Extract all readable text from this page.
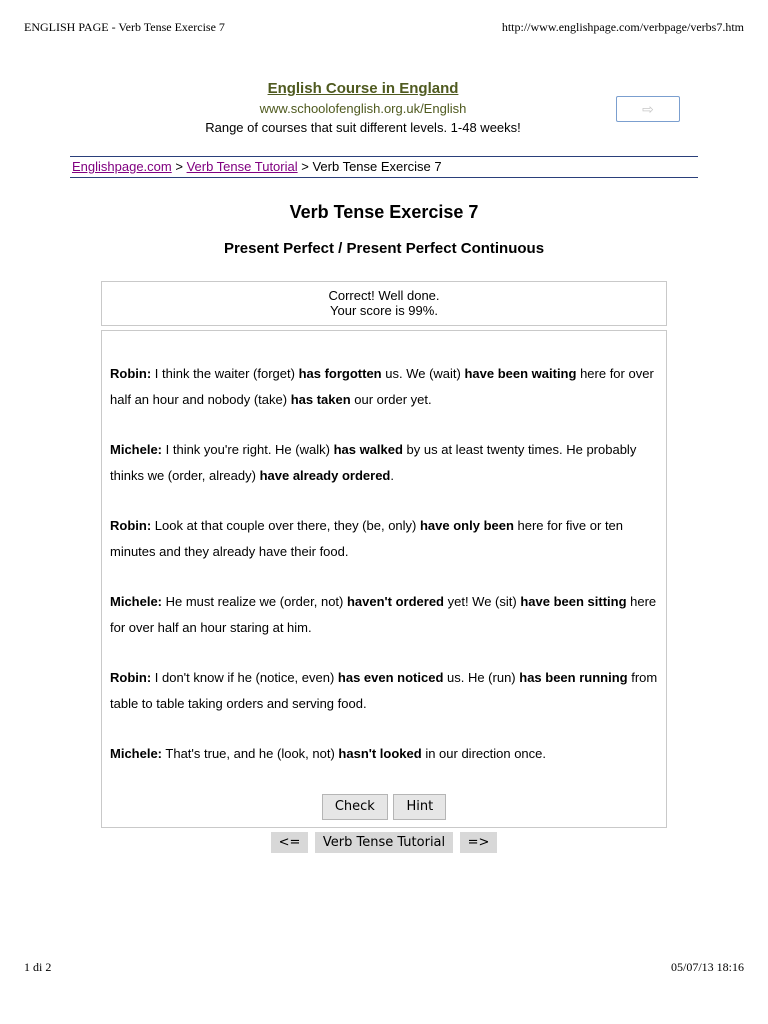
ENGLISH PAGE - Verb Tense Exercise 7	http://www.englishpage.com/verbpage/verbs7.htm
English Course in England
www.schoolofenglish.org.uk/English
Range of courses that suit different levels. 1-48 weeks!
⇨
Englishpage.com > Verb Tense Tutorial > Verb Tense Exercise 7
Verb Tense Exercise 7
Present Perfect / Present Perfect Continuous
Correct! Well done.
Your score is 99%.

Robin: I think the waiter (forget) has forgotten us. We (wait) have been waiting here for over half an hour and nobody (take) has taken our order yet.

Michele: I think you're right. He (walk) has walked by us at least twenty times. He probably thinks we (order, already) have already ordered.

Robin: Look at that couple over there, they (be, only) have only been here for five or ten minutes and they already have their food.

Michele: He must realize we (order, not) haven't ordered yet! We (sit) have been sitting here for over half an hour staring at him.

Robin: I don't know if he (notice, even) has even noticed us. He (run) has been running from table to table taking orders and serving food.

Michele: That's true, and he (look, not) hasn't looked in our direction once.

Check Hint
<= Verb Tense Tutorial =>
1 di 2	05/07/13 18:16
